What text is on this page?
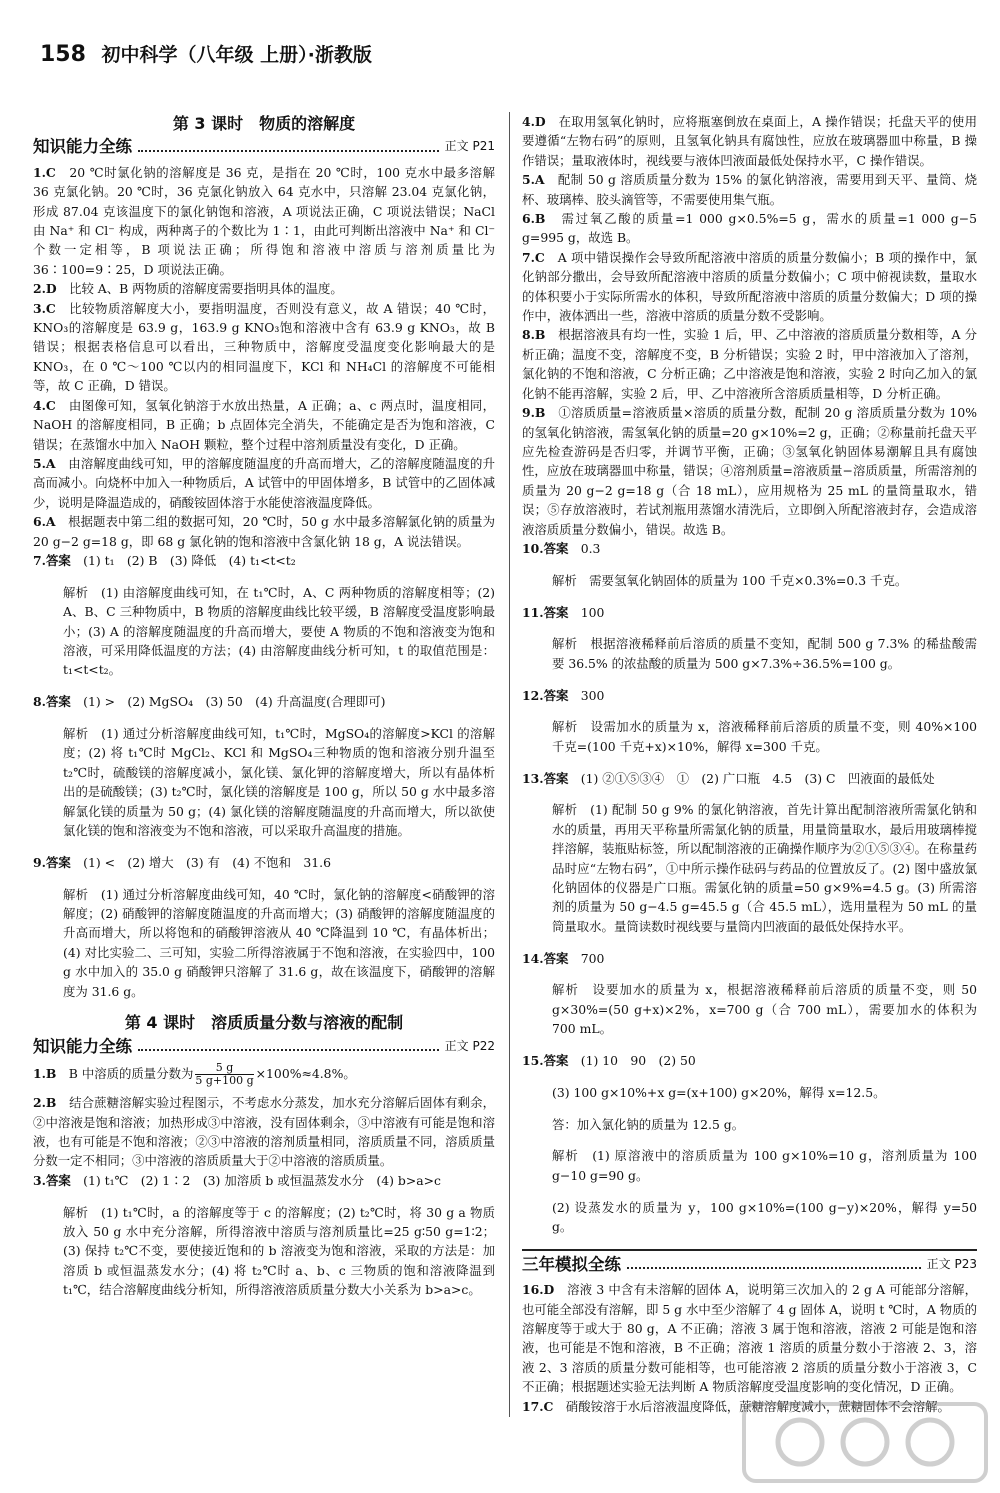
158 初中科学（八年级 上册）·浙教版
第 3 课时　物质的溶解度
知识能力全练	正文 P21

1.C　20 ℃时氯化钠的溶解度是 36 克，是指在 20 ℃时，100 克水中最多溶解 36 克氯化钠。20 ℃时，36 克氯化钠放入 64 克水中，只溶解 23.04 克氯化钠，形成 87.04 克该温度下的氯化钠饱和溶液，A 项说法正确，C 项说法错误；NaCl 由 Na⁺ 和 Cl⁻ 构成，两种离子的个数比为 1∶1，由此可判断出溶液中 Na⁺ 和 Cl⁻ 个数一定相等，B 项说法正确；所得饱和溶液中溶质与溶剂质量比为 36∶100=9∶25，D 项说法正确。

2.D　比较 A、B 两物质的溶解度需要指明具体的温度。

3.C　比较物质溶解度大小，要指明温度，否则没有意义，故 A 错误；40 ℃时，KNO₃的溶解度是 63.9 g，163.9 g KNO₃饱和溶液中含有 63.9 g KNO₃，故 B 错误；根据表格信息可以看出，三种物质中，溶解度受温度变化影响最大的是 KNO₃，在 0 ℃～100 ℃以内的相同温度下，KCl 和 NH₄Cl 的溶解度不可能相等，故 C 正确，D 错误。

4.C　由图像可知，氢氧化钠溶于水放出热量，A 正确；a、c 两点时，温度相同，NaOH 的溶解度相同，B 正确；b 点固体完全消失，不能确定是否为饱和溶液，C 错误；在蒸馏水中加入 NaOH 颗粒，整个过程中溶剂质量没有变化，D 正确。

5.A　由溶解度曲线可知，甲的溶解度随温度的升高而增大，乙的溶解度随温度的升高而减小。向烧杯中加入一种物质后，A 试管中的甲固体增多，B 试管中的乙固体减少，说明是降温造成的，硝酸铵固体溶于水能使溶液温度降低。

6.A　根据题表中第二组的数据可知，20 ℃时，50 g 水中最多溶解氯化钠的质量为 20 g−2 g=18 g，即 68 g 氯化钠的饱和溶液中含氯化钠 18 g，A 说法错误。

7.答案　(1) t₁　(2) B　(3) 降低　(4) t₁<t<t₂

解析　(1) 由溶解度曲线可知，在 t₁℃时，A、C 两种物质的溶解度相等；(2) A、B、C 三种物质中，B 物质的溶解度曲线比较平缓，B 溶解度受温度影响最小；(3) A 的溶解度随温度的升高而增大，要使 A 物质的不饱和溶液变为饱和溶液，可采用降低温度的方法；(4) 由溶解度曲线分析可知，t 的取值范围是：t₁<t<t₂。

8.答案　(1) >　(2) MgSO₄　(3) 50　(4) 升高温度(合理即可)

解析　(1) 通过分析溶解度曲线可知，t₁℃时，MgSO₄的溶解度>KCl 的溶解度；(2) 将 t₁℃时 MgCl₂、KCl 和 MgSO₄三种物质的饱和溶液分别升温至 t₂℃时，硫酸镁的溶解度减小，氯化镁、氯化钾的溶解度增大，所以有晶体析出的是硫酸镁；(3) t₂℃时，氯化镁的溶解度是 100 g，所以 50 g 水中最多溶解氯化镁的质量为 50 g；(4) 氯化镁的溶解度随温度的升高而增大，所以欲使氯化镁的饱和溶液变为不饱和溶液，可以采取升高温度的措施。

9.答案　(1) <　(2) 增大　(3) 有　(4) 不饱和　31.6

解析　(1) 通过分析溶解度曲线可知，40 ℃时，氯化钠的溶解度<硝酸钾的溶解度；(2) 硝酸钾的溶解度随温度的升高而增大；(3) 硝酸钾的溶解度随温度的升高而增大，所以将饱和的硝酸钾溶液从 40 ℃降温到 10 ℃，有晶体析出；(4) 对比实验二、三可知，实验二所得溶液属于不饱和溶液，在实验四中，100 g 水中加入的 35.0 g 硝酸钾只溶解了 31.6 g，故在该温度下，硝酸钾的溶解度为 31.6 g。

第 4 课时　溶质质量分数与溶液的配制
知识能力全练	正文 P22

1.B　B 中溶质的质量分数为 $\frac{5 g}{5 g+100 g} \times 100\%\approx 4.8\%$。

2.B　结合蔗糖溶解实验过程图示，不考虑水分蒸发，加水充分溶解后固体有剩余，②中溶液是饱和溶液；加热形成③中溶液，没有固体剩余，③中溶液有可能是饱和溶液，也有可能是不饱和溶液；②③中溶液的溶剂质量相同，溶质质量不同，溶质质量分数一定不相同；③中溶液的溶质质量大于②中溶液的溶质质量。

3.答案　(1) t₁℃　(2) 1∶2　(3) 加溶质 b 或恒温蒸发水分　(4) b>a>c

解析　(1) t₁℃时，a 的溶解度等于 c 的溶解度；(2) t₂℃时，将 30 g a 物质放入 50 g 水中充分溶解，所得溶液中溶质与溶剂质量比=25 g∶50 g=1∶2；(3) 保持 t₂℃不变，要使接近饱和的 b 溶液变为饱和溶液，采取的方法是：加溶质 b 或恒温蒸发水分；(4) 将 t₂℃时 a、b、c 三物质的饱和溶液降温到 t₁℃，结合溶解度曲线分析知，所得溶液溶质质量分数大小关系为 b>a>c。

4.D　在取用氢氧化钠时，应将瓶塞倒放在桌面上，A 操作错误；托盘天平的使用要遵循“左物右码”的原则，且氢氧化钠具有腐蚀性，应放在玻璃器皿中称量，B 操作错误；量取液体时，视线要与液体凹液面最低处保持水平，C 操作错误。

5.A　配制 50 g 溶质质量分数为 15% 的氯化钠溶液，需要用到天平、量筒、烧杯、玻璃棒、胶头滴管等，不需要使用集气瓶。

6.B　需过氧乙酸的质量=1 000 g×0.5%=5 g，需水的质量=1 000 g−5 g=995 g，故选 B。

7.C　A 项中错误操作会导致所配溶液中溶质的质量分数偏小；B 项的操作中，氯化钠部分撒出，会导致所配溶液中溶质的质量分数偏小；C 项中俯视读数，量取水的体积要小于实际所需水的体积，导致所配溶液中溶质的质量分数偏大；D 项的操作中，液体洒出一些，溶液中溶质的质量分数不受影响。

8.B　根据溶液具有均一性，实验 1 后，甲、乙中溶液的溶质质量分数相等，A 分析正确；温度不变，溶解度不变，B 分析错误；实验 2 时，甲中溶液加入了溶剂，氯化钠的不饱和溶液，C 分析正确；乙中溶液是饱和溶液，实验 2 时向乙加入的氯化钠不能再溶解，实验 2 后，甲、乙中溶液所含溶质质量相等，D 分析正确。

9.B　①溶质质量=溶液质量×溶质的质量分数，配制 20 g 溶质质量分数为 10% 的氢氧化钠溶液，需氢氧化钠的质量=20 g×10%=2 g，正确；②称量前托盘天平应先检查游码是否归零，并调节平衡，正确；③氢氧化钠固体易潮解且具有腐蚀性，应放在玻璃器皿中称量，错误；④溶剂质量=溶液质量−溶质质量，所需溶剂的质量为 20 g−2 g=18 g（合 18 mL），应用规格为 25 mL 的量筒量取水，错误；⑤存放溶液时，若试剂瓶用蒸馏水清洗后，立即倒入所配溶液封存，会造成溶液溶质质量分数偏小，错误。故选 B。

10.答案　0.3

解析　需要氢氧化钠固体的质量为 100 千克×0.3%=0.3 千克。

11.答案　100

解析　根据溶液稀释前后溶质的质量不变知，配制 500 g 7.3% 的稀盐酸需要 36.5% 的浓盐酸的质量为 500 g×7.3%÷36.5%=100 g。

12.答案　300

解析　设需加水的质量为 x，溶液稀释前后溶质的质量不变，则 40%×100 千克=(100 千克+x)×10%，解得 x=300 千克。

13.答案　(1) ②①⑤③④　①　(2) 广口瓶　4.5　(3) C　凹液面的最低处

解析　(1) 配制 50 g 9% 的氯化钠溶液，首先计算出配制溶液所需氯化钠和水的质量，再用天平称量所需氯化钠的质量，用量筒量取水，最后用玻璃棒搅拌溶解，装瓶贴标签，所以配制溶液的正确操作顺序为②①⑤③④。在称量药品时应“左物右码”，①中所示操作砝码与药品的位置放反了。(2) 图中盛放氯化钠固体的仪器是广口瓶。需氯化钠的质量=50 g×9%=4.5 g。(3) 所需溶剂的质量为 50 g−4.5 g=45.5 g（合 45.5 mL），选用量程为 50 mL 的量筒量取水。量筒读数时视线要与量筒内凹液面的最低处保持水平。

14.答案　700

解析　设要加水的质量为 x，根据溶液稀释前后溶质的质量不变，则 50 g×30%=(50 g+x)×2%，x=700 g（合 700 mL），需要加水的体积为 700 mL。

15.答案　(1) 10　90　(2) 50

(3) 100 g×10%+x g=(x+100) g×20%，解得 x=12.5。

答：加入氯化钠的质量为 12.5 g。

解析　(1) 原溶液中的溶质质量为 100 g×10%=10 g，溶剂质量为 100 g−10 g=90 g。

(2) 设蒸发水的质量为 y，100 g×10%=(100 g−y)×20%，解得 y=50 g。

三年模拟全练	正文 P23

16.D　溶液 3 中含有未溶解的固体 A，说明第三次加入的 2 g A 可能部分溶解，也可能全部没有溶解，即 5 g 水中至少溶解了 4 g 固体 A，说明 t ℃时，A 物质的溶解度等于或大于 80 g，A 不正确；溶液 3 属于饱和溶液，溶液 2 可能是饱和溶液，也可能是不饱和溶液，B 不正确；溶液 1 溶质的质量分数小于溶液 2、3，溶液 2、3 溶质的质量分数可能相等，也可能溶液 2 溶质的质量分数小于溶液 3，C 不正确；根据题述实验无法判断 A 物质溶解度受温度影响的变化情况，D 正确。

17.C　硝酸铵溶于水后溶液温度降低，蔗糖溶解度减小，蔗糖固体不会溶解。
